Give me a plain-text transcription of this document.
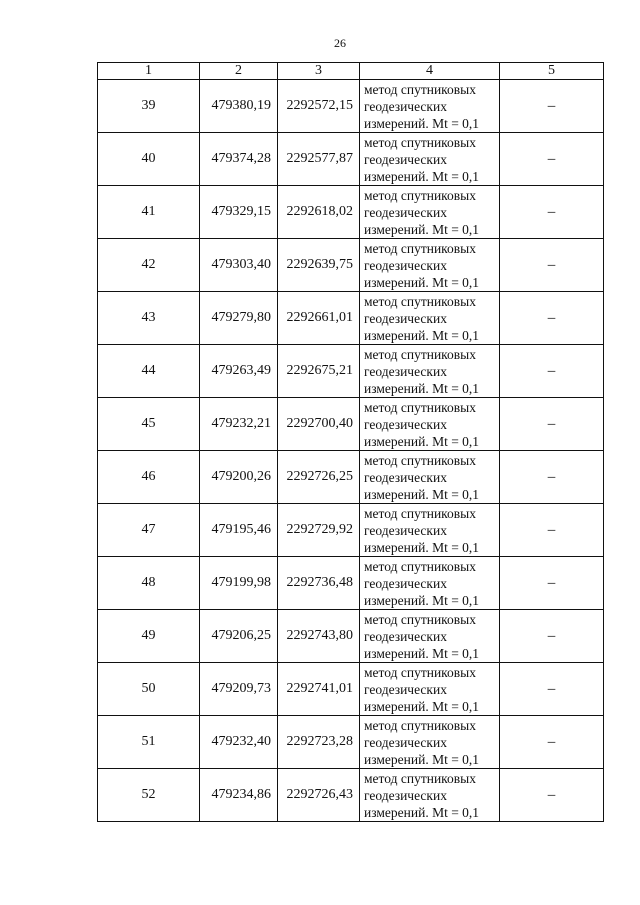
26
1	2	3	4	5
39	479380,19	2292572,15	метод спутниковых геодезических измерений. Mt = 0,1	–
40	479374,28	2292577,87	метод спутниковых геодезических измерений. Mt = 0,1	–
41	479329,15	2292618,02	метод спутниковых геодезических измерений. Mt = 0,1	–
42	479303,40	2292639,75	метод спутниковых геодезических измерений. Mt = 0,1	–
43	479279,80	2292661,01	метод спутниковых геодезических измерений. Mt = 0,1	–
44	479263,49	2292675,21	метод спутниковых геодезических измерений. Mt = 0,1	–
45	479232,21	2292700,40	метод спутниковых геодезических измерений. Mt = 0,1	–
46	479200,26	2292726,25	метод спутниковых геодезических измерений. Mt = 0,1	–
47	479195,46	2292729,92	метод спутниковых геодезических измерений. Mt = 0,1	–
48	479199,98	2292736,48	метод спутниковых геодезических измерений. Mt = 0,1	–
49	479206,25	2292743,80	метод спутниковых геодезических измерений. Mt = 0,1	–
50	479209,73	2292741,01	метод спутниковых геодезических измерений. Mt = 0,1	–
51	479232,40	2292723,28	метод спутниковых геодезических измерений. Mt = 0,1	–
52	479234,86	2292726,43	метод спутниковых геодезических измерений. Mt = 0,1	–
